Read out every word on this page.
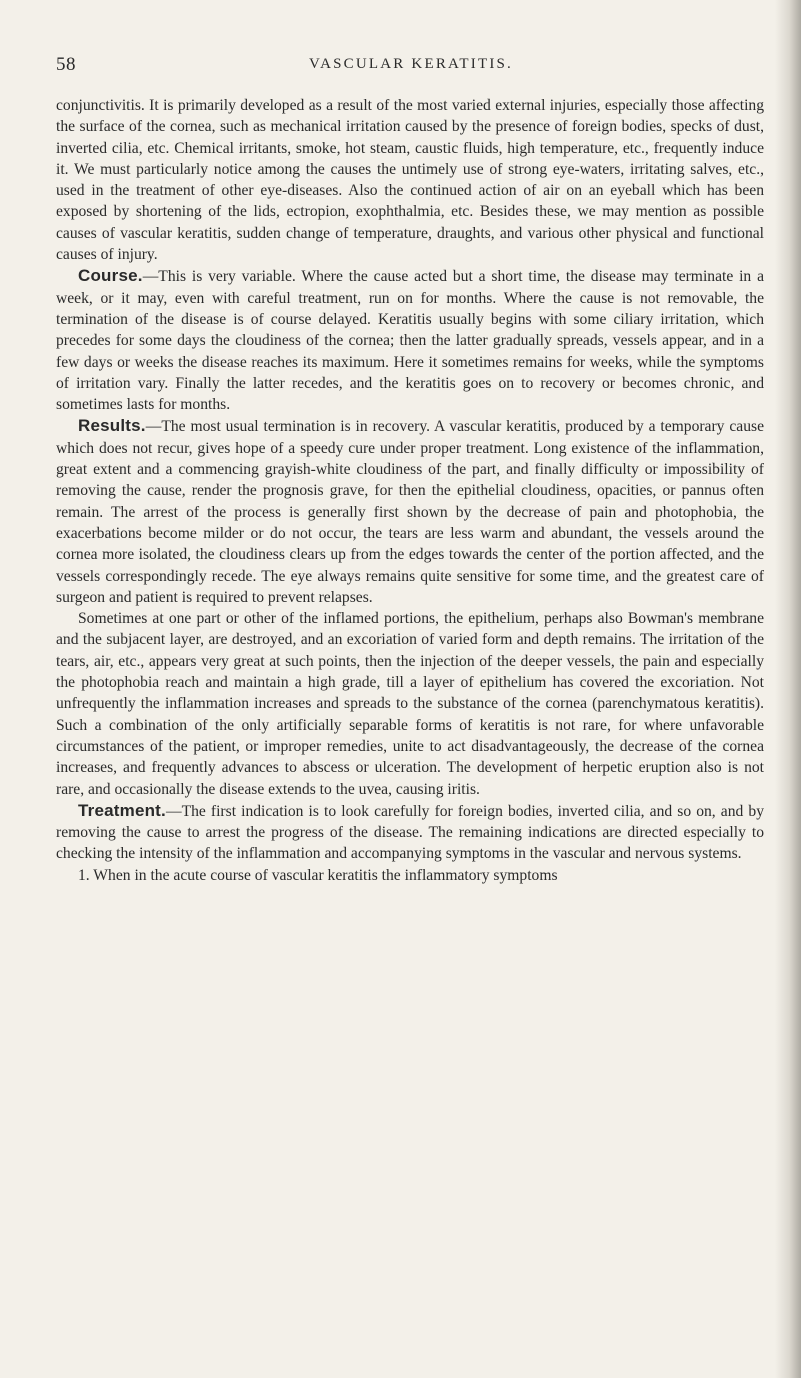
58	VASCULAR KERATITIS.

conjunctivitis. It is primarily developed as a result of the most varied external injuries, especially those affecting the surface of the cornea, such as mechanical irritation caused by the presence of foreign bodies, specks of dust, inverted cilia, etc. Chemical irritants, smoke, hot steam, caustic fluids, high temperature, etc., frequently induce it. We must particularly notice among the causes the untimely use of strong eye-waters, irritating salves, etc., used in the treatment of other eye-diseases. Also the continued action of air on an eyeball which has been exposed by shortening of the lids, ectropion, exophthalmia, etc. Besides these, we may mention as possible causes of vascular keratitis, sudden change of temperature, draughts, and various other physical and functional causes of injury.

Course.—This is very variable. Where the cause acted but a short time, the disease may terminate in a week, or it may, even with careful treatment, run on for months. Where the cause is not removable, the termination of the disease is of course delayed. Keratitis usually begins with some ciliary irritation, which precedes for some days the cloudiness of the cornea; then the latter gradually spreads, vessels appear, and in a few days or weeks the disease reaches its maximum. Here it sometimes remains for weeks, while the symptoms of irritation vary. Finally the latter recedes, and the keratitis goes on to recovery or becomes chronic, and sometimes lasts for months.

Results.—The most usual termination is in recovery. A vascular keratitis, produced by a temporary cause which does not recur, gives hope of a speedy cure under proper treatment. Long existence of the inflammation, great extent and a commencing grayish-white cloudiness of the part, and finally difficulty or impossibility of removing the cause, render the prognosis grave, for then the epithelial cloudiness, opacities, or pannus often remain. The arrest of the process is generally first shown by the decrease of pain and photophobia, the exacerbations become milder or do not occur, the tears are less warm and abundant, the vessels around the cornea more isolated, the cloudiness clears up from the edges towards the center of the portion affected, and the vessels correspondingly recede. The eye always remains quite sensitive for some time, and the greatest care of surgeon and patient is required to prevent relapses.

Sometimes at one part or other of the inflamed portions, the epithelium, perhaps also Bowman's membrane and the subjacent layer, are destroyed, and an excoriation of varied form and depth remains. The irritation of the tears, air, etc., appears very great at such points, then the injection of the deeper vessels, the pain and especially the photophobia reach and maintain a high grade, till a layer of epithelium has covered the excoriation. Not unfrequently the inflammation increases and spreads to the substance of the cornea (parenchymatous keratitis). Such a combination of the only artificially separable forms of keratitis is not rare, for where unfavorable circumstances of the patient, or improper remedies, unite to act disadvantageously, the decrease of the cornea increases, and frequently advances to abscess or ulceration. The development of herpetic eruption also is not rare, and occasionally the disease extends to the uvea, causing iritis.

Treatment.—The first indication is to look carefully for foreign bodies, inverted cilia, and so on, and by removing the cause to arrest the progress of the disease. The remaining indications are directed especially to checking the intensity of the inflammation and accompanying symptoms in the vascular and nervous systems.

1. When in the acute course of vascular keratitis the inflammatory symptoms
